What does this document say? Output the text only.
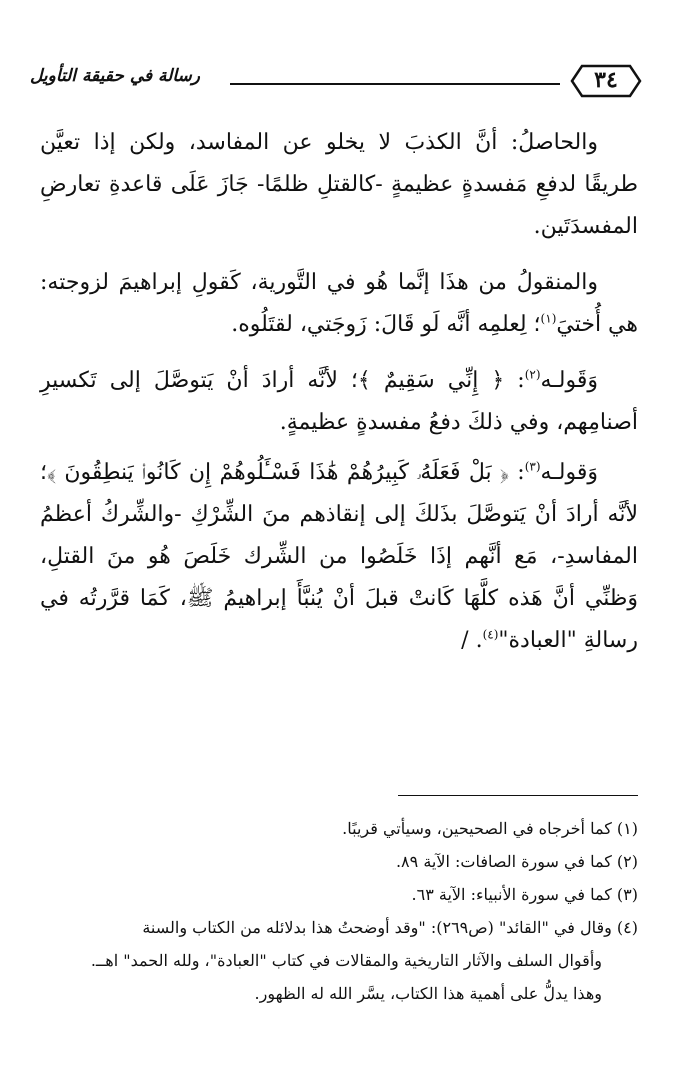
رسالة في حقيقة التأويل	٣٤

والحاصلُ: أنَّ الكذبَ لا يخلو عن المفاسد، ولكن إذا تعيَّن طريقًا لدفعِ مَفسدةٍ عظيمةٍ -كالقتلِ ظلمًا- جَازَ عَلَى قاعدةِ تعارضِ المفسدَتَين.

والمنقولُ من هذَا إنَّما هُو في التَّورية، كَقولِ إبراهيمَ لزوجته: هي أُختيَ$^{(١)}$؛ لِعلمِه أنَّه لَو قَالَ: زَوجَتي، لقتَلُوه.

وَقَولـه$^{(٢)}$: ﴿ إِنِّي سَقِيمٌ ﴾؛ لأنَّه أرادَ أنْ يَتوصَّلَ إلى تَكسيرِ أصنامِهم، وفي ذلكَ دفعُ مفسدةٍ عظيمةٍ.

وَقولـه$^{(٣)}$: ﴿ بَلْ فَعَلَهُۥ كَبِيرُهُمْ هَٰذَا فَسْـَٔلُوهُمْ إِن كَانُوا۟ يَنطِقُونَ ﴾؛ لأنَّه أرادَ أنْ يَتوصَّلَ بذَلكَ إلى إنقاذهم منَ الشِّرْكِ -والشِّركُ أعظمُ المفاسدِ-، مَع أنَّهم إذَا خَلَصُوا من الشِّرك خَلَصَ هُو منَ القتلِ، وَظنِّي أنَّ هَذه كلَّهَا كَانتْ قبلَ أنْ يُنبَّأَ إبراهيمُ ﷺ، كَمَا قرَّرتُه في رسالةِ "العبادة"$^{(٤)}$. /

(١) كما أخرجاه في الصحيحين، وسيأتي قريبًا.

(٢) كما في سورة الصافات: الآية ٨٩.

(٣) كما في سورة الأنبياء: الآية ٦٣.

(٤) وقال في "القائد" (ص٢٦٩): "وقد أوضحتُ هذا بدلائله من الكتاب والسنة

وأقوال السلف والآثار التاريخية والمقالات في كتاب "العبادة"، ولله الحمد" اهــ.

وهذا يدلُّ على أهمية هذا الكتاب، يسَّر الله له الظهور.
